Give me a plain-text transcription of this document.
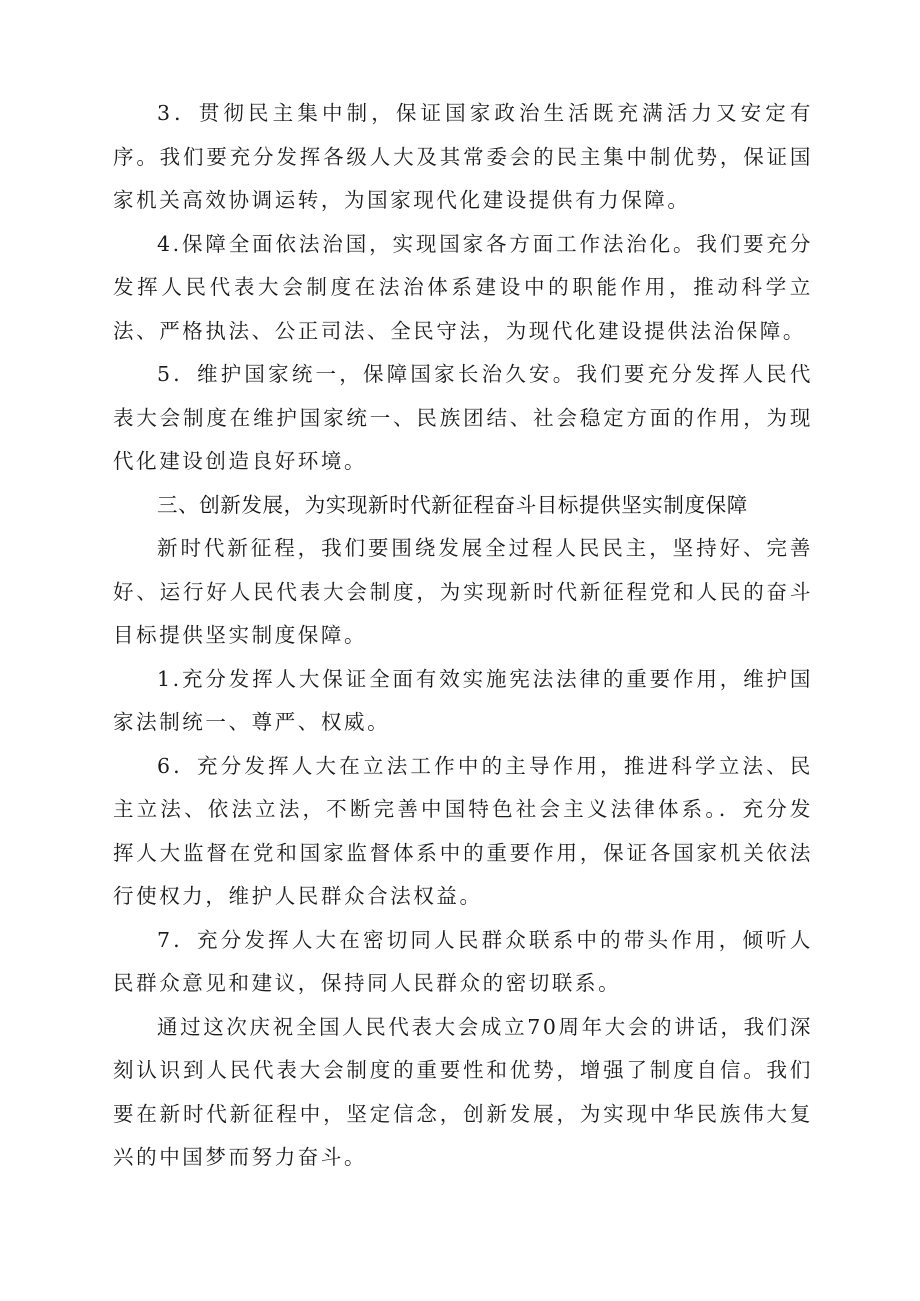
3．贯彻民主集中制，保证国家政治生活既充满活力又安定有序。我们要充分发挥各级人大及其常委会的民主集中制优势，保证国家机关高效协调运转，为国家现代化建设提供有力保障。

4.保障全面依法治国，实现国家各方面工作法治化。我们要充分发挥人民代表大会制度在法治体系建设中的职能作用，推动科学立法、严格执法、公正司法、全民守法，为现代化建设提供法治保障。

5．维护国家统一，保障国家长治久安。我们要充分发挥人民代表大会制度在维护国家统一、民族团结、社会稳定方面的作用，为现代化建设创造良好环境。

三、创新发展，为实现新时代新征程奋斗目标提供坚实制度保障

新时代新征程，我们要围绕发展全过程人民民主，坚持好、完善好、运行好人民代表大会制度，为实现新时代新征程党和人民的奋斗目标提供坚实制度保障。

1.充分发挥人大保证全面有效实施宪法法律的重要作用，维护国家法制统一、尊严、权威。

6．充分发挥人大在立法工作中的主导作用，推进科学立法、民主立法、依法立法，不断完善中国特色社会主义法律体系。．充分发挥人大监督在党和国家监督体系中的重要作用，保证各国家机关依法行使权力，维护人民群众合法权益。

7．充分发挥人大在密切同人民群众联系中的带头作用，倾听人民群众意见和建议，保持同人民群众的密切联系。

通过这次庆祝全国人民代表大会成立70周年大会的讲话，我们深刻认识到人民代表大会制度的重要性和优势，增强了制度自信。我们要在新时代新征程中，坚定信念，创新发展，为实现中华民族伟大复兴的中国梦而努力奋斗。
